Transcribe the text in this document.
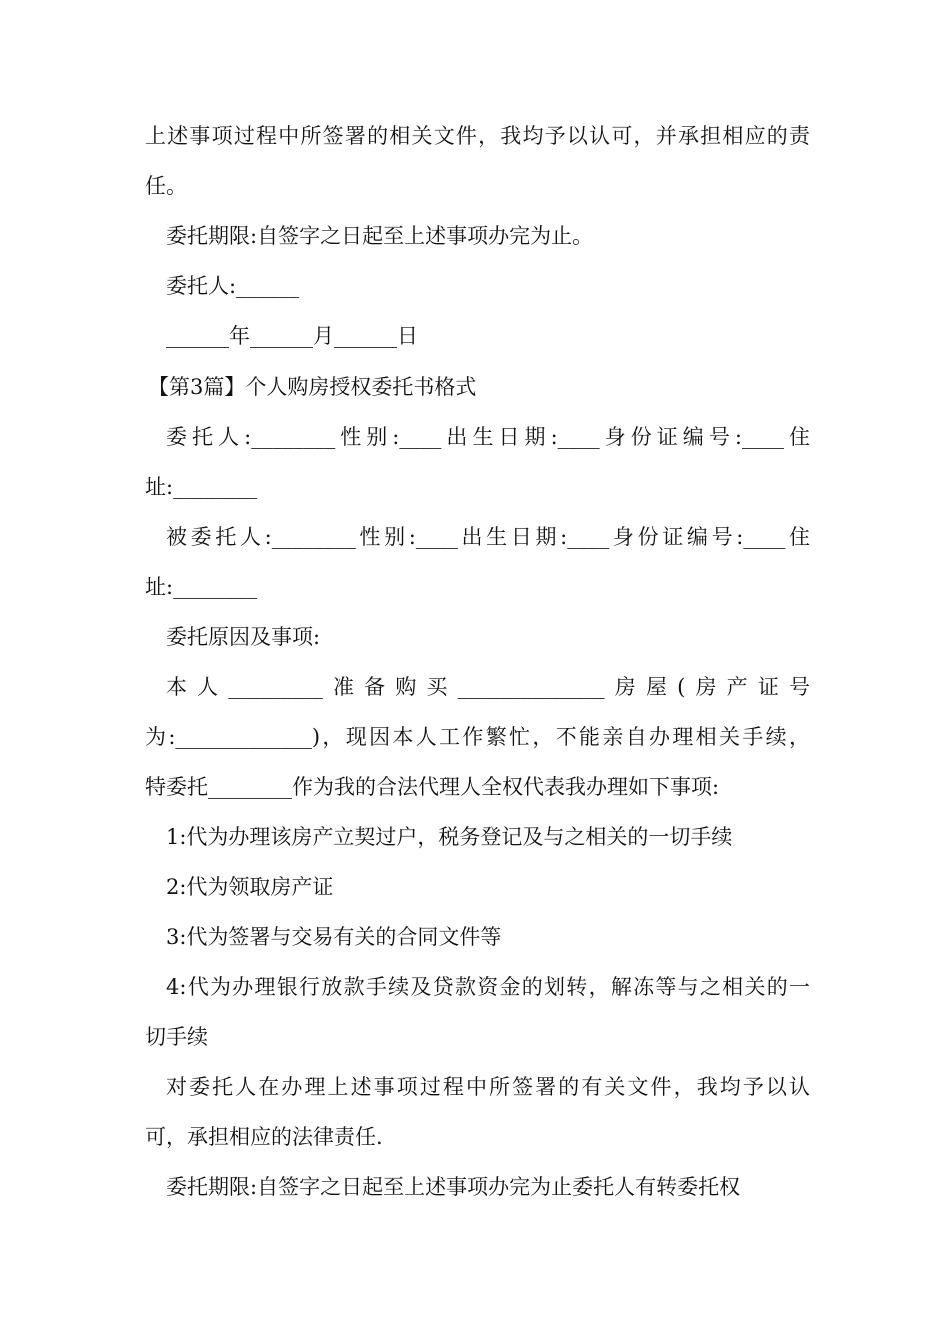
上述事项过程中所签署的相关文件，我均予以认可，并承担相应的责
任。
委托期限:自签字之日起至上述事项办完为止。
委托人:______
______年______月______日
【第3篇】个人购房授权委托书格式
委托人:________性别:____出生日期:____身份证编号:____住
址:________
被委托人:________性别:____出生日期:____身份证编号:____住
址:________
委托原因及事项:
本人_________准备购买______________房屋(房产证号
为:_____________)，现因本人工作繁忙，不能亲自办理相关手续，
特委托________作为我的合法代理人全权代表我办理如下事项:
1:代为办理该房产立契过户，税务登记及与之相关的一切手续
2:代为领取房产证
3:代为签署与交易有关的合同文件等
4:代为办理银行放款手续及贷款资金的划转，解冻等与之相关的一
切手续
对委托人在办理上述事项过程中所签署的有关文件，我均予以认
可，承担相应的法律责任.
委托期限:自签字之日起至上述事项办完为止委托人有转委托权
